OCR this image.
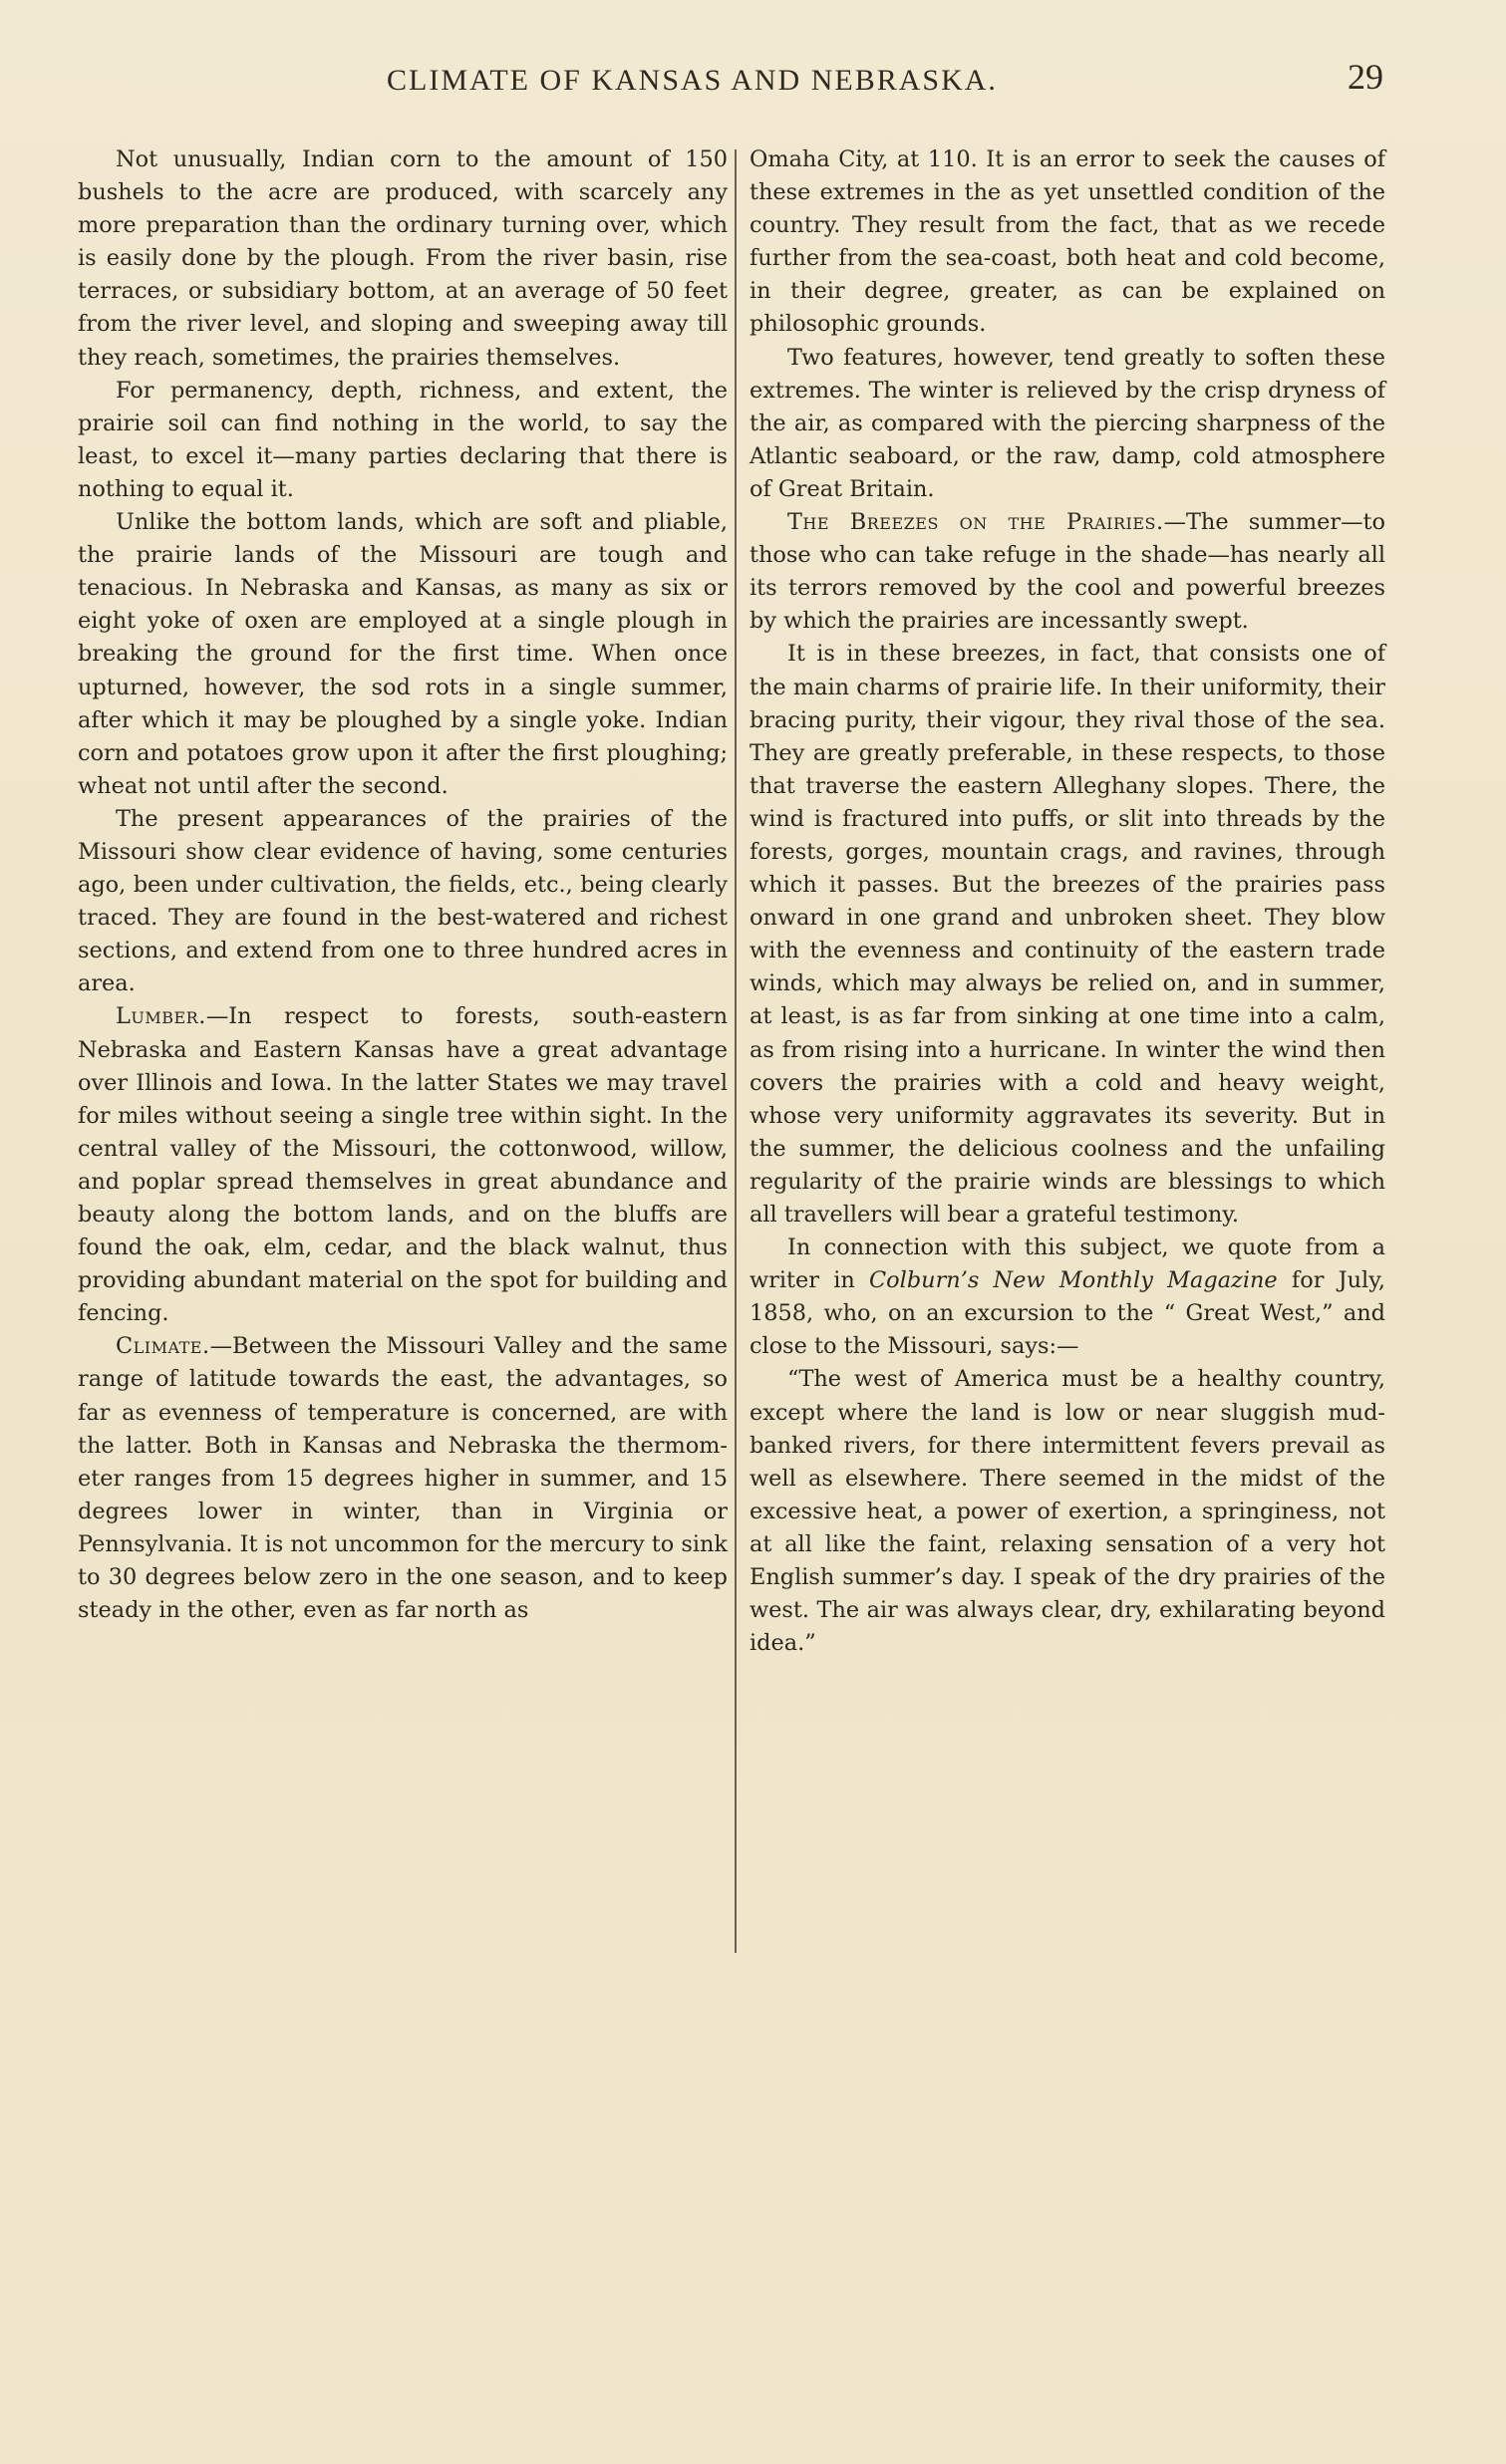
CLIMATE OF KANSAS AND NEBRASKA.	29

Not unusually, Indian corn to the amount of 150 bushels to the acre are produced, with scarcely any more preparation than the ordinary turning over, which is easily done by the plough. From the river basin, rise terraces, or subsidiary bottom, at an average of 50 feet from the river level, and sloping and sweeping away till they reach, sometimes, the prairies themselves.

For permanency, depth, richness, and extent, the prairie soil can find nothing in the world, to say the least, to excel it—many parties declaring that there is nothing to equal it.

Unlike the bottom lands, which are soft and pliable, the prairie lands of the Missouri are tough and tenacious. In Nebraska and Kansas, as many as six or eight yoke of oxen are employed at a single plough in breaking the ground for the first time. When once upturned, however, the sod rots in a single summer, after which it may be ploughed by a single yoke. Indian corn and potatoes grow upon it after the first ploughing; wheat not until after the second.

The present appearances of the prairies of the Missouri show clear evidence of having, some centuries ago, been under cultivation, the fields, etc., being clearly traced. They are found in the best-watered and richest sections, and extend from one to three hundred acres in area.

Lumber.—In respect to forests, south-eastern Nebraska and Eastern Kansas have a great advantage over Illinois and Iowa. In the latter States we may travel for miles without seeing a single tree within sight. In the central valley of the Missouri, the cottonwood, willow, and poplar spread themselves in great abundance and beauty along the bottom lands, and on the bluffs are found the oak, elm, cedar, and the black walnut, thus providing abundant material on the spot for building and fencing.

Climate.—Between the Missouri Valley and the same range of latitude towards the east, the advantages, so far as evenness of temperature is concerned, are with the latter. Both in Kansas and Nebraska the thermometer ranges from 15 degrees higher in summer, and 15 degrees lower in winter, than in Virginia or Pennsylvania. It is not uncommon for the mercury to sink to 30 degrees below zero in the one season, and to keep steady in the other, even as far north as

Omaha City, at 110. It is an error to seek the causes of these extremes in the as yet unsettled condition of the country. They result from the fact, that as we recede further from the sea-coast, both heat and cold become, in their degree, greater, as can be explained on philosophic grounds.

Two features, however, tend greatly to soften these extremes. The winter is relieved by the crisp dryness of the air, as compared with the piercing sharpness of the Atlantic seaboard, or the raw, damp, cold atmosphere of Great Britain.

The Breezes on the Prairies.—The summer—to those who can take refuge in the shade—has nearly all its terrors removed by the cool and powerful breezes by which the prairies are incessantly swept.

It is in these breezes, in fact, that consists one of the main charms of prairie life. In their uniformity, their bracing purity, their vigour, they rival those of the sea. They are greatly preferable, in these respects, to those that traverse the eastern Alleghany slopes. There, the wind is fractured into puffs, or slit into threads by the forests, gorges, mountain crags, and ravines, through which it passes. But the breezes of the prairies pass onward in one grand and unbroken sheet. They blow with the evenness and continuity of the eastern trade winds, which may always be relied on, and in summer, at least, is as far from sinking at one time into a calm, as from rising into a hurricane. In winter the wind then covers the prairies with a cold and heavy weight, whose very uniformity aggravates its severity. But in the summer, the delicious coolness and the unfailing regularity of the prairie winds are blessings to which all travellers will bear a grateful testimony.

In connection with this subject, we quote from a writer in Colburn’s New Monthly Magazine for July, 1858, who, on an excursion to the “ Great West,” and close to the Missouri, says:—

“The west of America must be a healthy country, except where the land is low or near sluggish mud-banked rivers, for there intermittent fevers prevail as well as elsewhere. There seemed in the midst of the excessive heat, a power of exertion, a springiness, not at all like the faint, relaxing sensation of a very hot English summer’s day. I speak of the dry prairies of the west. The air was always clear, dry, exhilarating beyond idea.”
